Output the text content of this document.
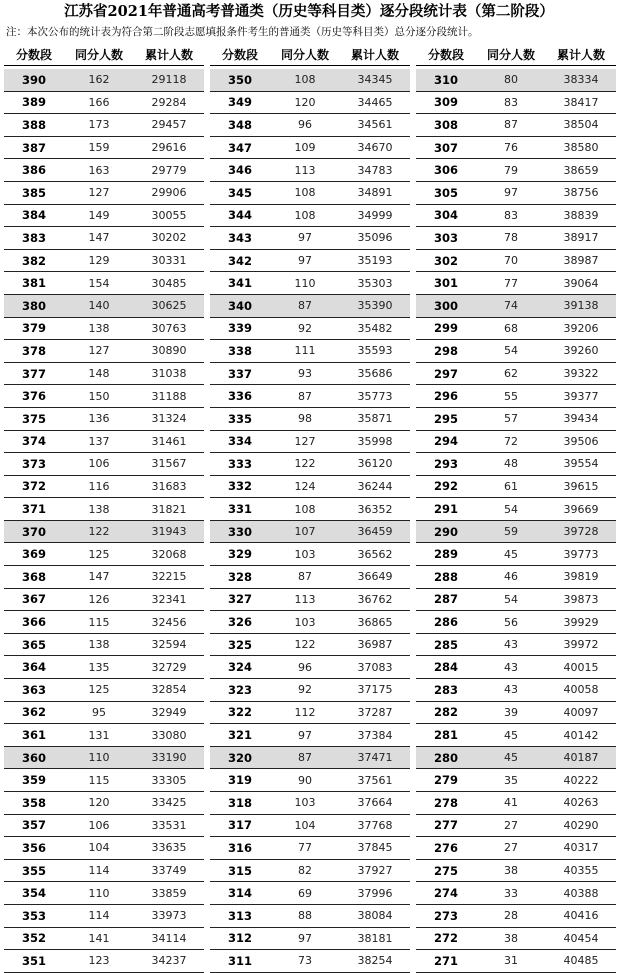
江苏省2021年普通高考普通类（历史等科目类）逐分段统计表（第二阶段）
注：本次公布的统计表为符合第二阶段志愿填报条件考生的普通类（历史等科目类）总分逐分段统计。
分数段	同分人数	累计人数
390	162	29118
389	166	29284
388	173	29457
387	159	29616
386	163	29779
385	127	29906
384	149	30055
383	147	30202
382	129	30331
381	154	30485
380	140	30625
379	138	30763
378	127	30890
377	148	31038
376	150	31188
375	136	31324
374	137	31461
373	106	31567
372	116	31683
371	138	31821
370	122	31943
369	125	32068
368	147	32215
367	126	32341
366	115	32456
365	138	32594
364	135	32729
363	125	32854
362	95	32949
361	131	33080
360	110	33190
359	115	33305
358	120	33425
357	106	33531
356	104	33635
355	114	33749
354	110	33859
353	114	33973
352	141	34114
351	123	34237
分数段	同分人数	累计人数
350	108	34345
349	120	34465
348	96	34561
347	109	34670
346	113	34783
345	108	34891
344	108	34999
343	97	35096
342	97	35193
341	110	35303
340	87	35390
339	92	35482
338	111	35593
337	93	35686
336	87	35773
335	98	35871
334	127	35998
333	122	36120
332	124	36244
331	108	36352
330	107	36459
329	103	36562
328	87	36649
327	113	36762
326	103	36865
325	122	36987
324	96	37083
323	92	37175
322	112	37287
321	97	37384
320	87	37471
319	90	37561
318	103	37664
317	104	37768
316	77	37845
315	82	37927
314	69	37996
313	88	38084
312	97	38181
311	73	38254
分数段	同分人数	累计人数
310	80	38334
309	83	38417
308	87	38504
307	76	38580
306	79	38659
305	97	38756
304	83	38839
303	78	38917
302	70	38987
301	77	39064
300	74	39138
299	68	39206
298	54	39260
297	62	39322
296	55	39377
295	57	39434
294	72	39506
293	48	39554
292	61	39615
291	54	39669
290	59	39728
289	45	39773
288	46	39819
287	54	39873
286	56	39929
285	43	39972
284	43	40015
283	43	40058
282	39	40097
281	45	40142
280	45	40187
279	35	40222
278	41	40263
277	27	40290
276	27	40317
275	38	40355
274	33	40388
273	28	40416
272	38	40454
271	31	40485
